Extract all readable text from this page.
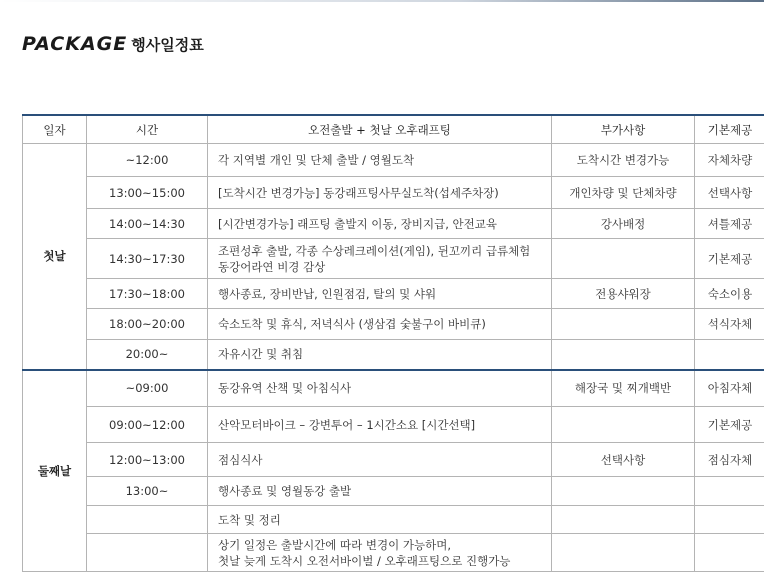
PACKAGE 행사일정표
일자	시간	오전출발 + 첫날 오후래프팅	부가사항	기본제공
첫날	~12:00	각 지역별 개인 및 단체 출발 / 영월도착	도착시간 변경가능	자체차량
	13:00~15:00	[도착시간 변경가능] 동강래프팅사무실도착(섭세주차장)	개인차량 및 단체차량	선택사항
	14:00~14:30	[시간변경가능] 래프팅 출발지 이동, 장비지급, 안전교육	강사배정	셔틀제공
	14:30~17:30	조편성후 출발, 각종 수상레크레이션(게임), 뒨꼬끼리 급류체험
동강어라연 비경 감상		기본제공
	17:30~18:00	행사종료, 장비반납, 인원점검, 탈의 및 샤워	전용샤워장	숙소이용
	18:00~20:00	숙소도착 및 휴식, 저녁식사 (생삼겹 숯불구이 바비큐)		석식자체
	20:00~	자유시간 및 취침		

둘째날	~09:00	동강유역 산책 및 아침식사	해장국 및 찌개백반	아침자체
	09:00~12:00	산악모터바이크 – 강변투어 – 1시간소요 [시간선택]		기본제공
	12:00~13:00	점심식사	선택사항	점심자체
	13:00~	행사종료 및 영월동강 출발		

		도착 및 정리		

		상기 일정은 출발시간에 따라 변경이 가능하며,
첫날 늦게 도착시 오전서바이벌 / 오후래프팅으로 진행가능		
